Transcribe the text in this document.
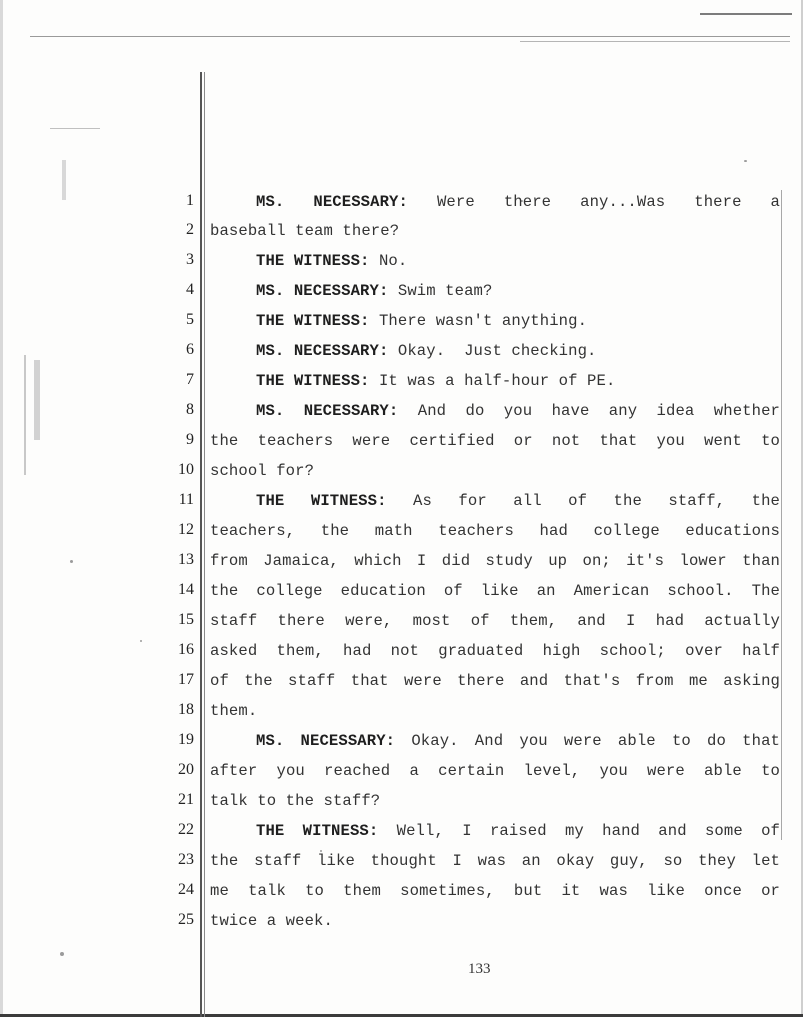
1	MS. NECESSARY: Were there any...Was there a
2 baseball team there?
3	THE WITNESS: No.
4	MS. NECESSARY: Swim team?
5	THE WITNESS: There wasn't anything.
6	MS. NECESSARY: Okay.  Just checking.
7	THE WITNESS: It was a half-hour of PE.
8	MS. NECESSARY: And do you have any idea whether
9 the teachers were certified or not that you went to
10 school for?
11	THE WITNESS: As for all of the staff, the
12 teachers, the math teachers had college educations
13 from Jamaica, which I did study up on; it's lower than
14 the college education of like an American school. The
15 staff there were, most of them, and I had actually
16 asked them, had not graduated high school; over half
17 of the staff that were there and that's from me asking
18 them.
19	MS. NECESSARY: Okay. And you were able to do that
20 after you reached a certain level, you were able to
21 talk to the staff?
22	THE WITNESS: Well, I raised my hand and some of
23 the staff like thought I was an okay guy, so they let
24 me talk to them sometimes, but it was like once or
25 twice a week.
133
